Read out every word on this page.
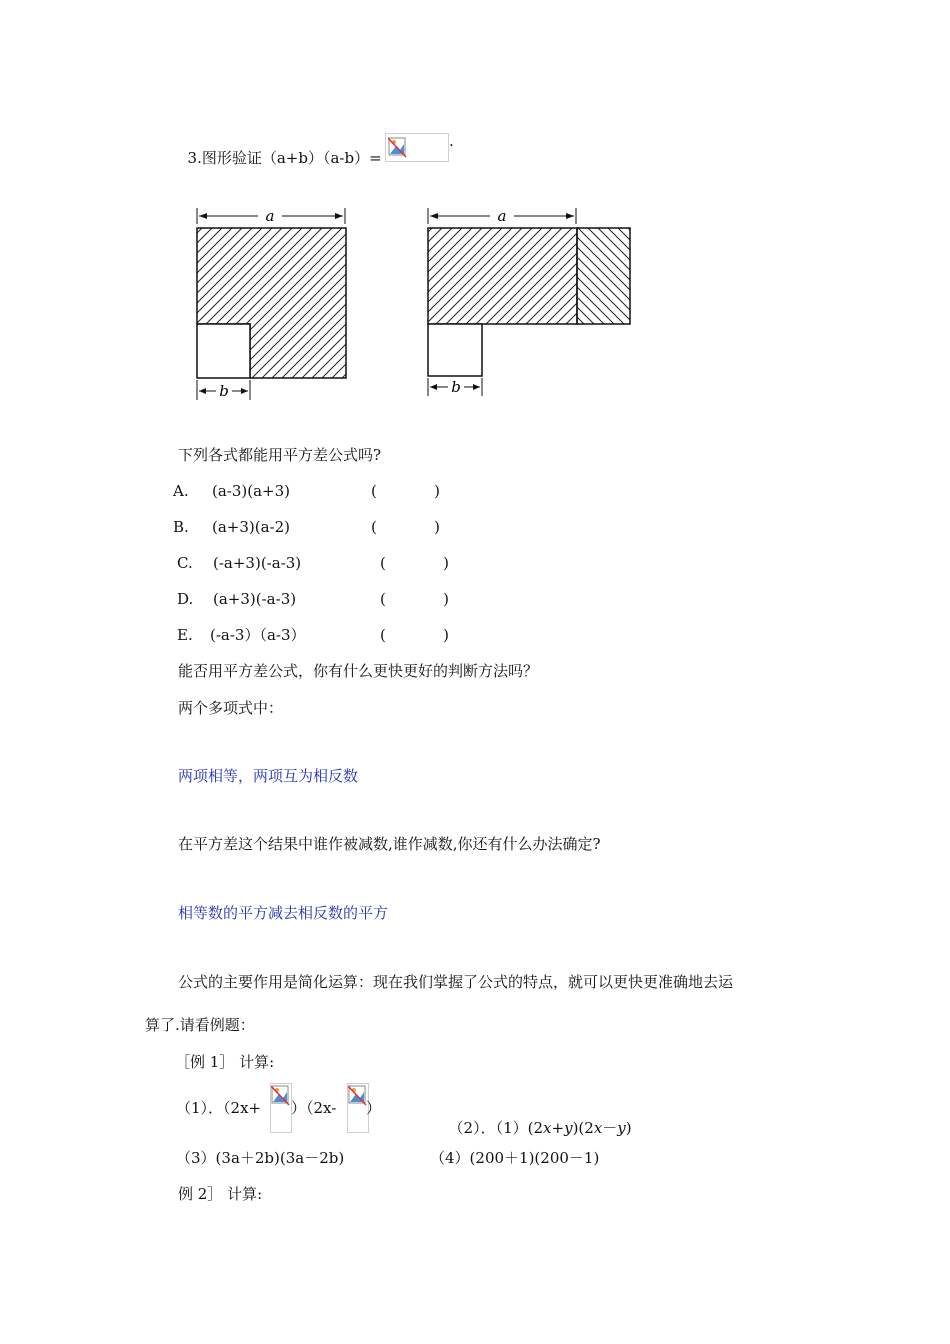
3.图形验证（a+b）（a-b）=

.
a
b
a
b
下列各式都能用平方差公式吗?
A. (a-3)(a+3)	(            )
B. (a+3)(a-2)	(            )
C. (-a+3)(-a-3)	(            )
D. (a+3)(-a-3)	(            )
E. (-a-3）（a-3）	(            )
能否用平方差公式，你有什么更快更好的判断方法吗？
两个多项式中：
两项相等，两项互为相反数
在平方差这个结果中谁作被减数,谁作减数,你还有什么办法确定?
相等数的平方减去相反数的平方
公式的主要作用是简化运算：现在我们掌握了公式的特点，就可以更快更准确地去运
算了.请看例题：
［例 1］ 计算:
（1）．（2x+ ）（2x- ）

（2）．（1）(2x+y)(2x－y)

（3）(3a＋2b)(3a－2b)	（4）(200＋1)(200－1)
例 2］ 计算:
